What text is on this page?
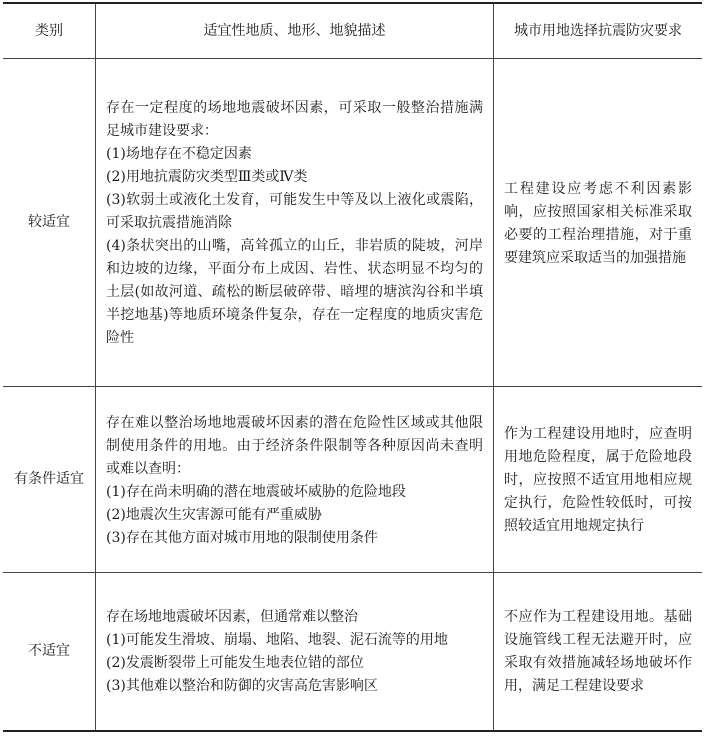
类别	适宜性地质、地形、地貌描述	城市用地选择抗震防灾要求
较适宜	存在一定程度的场地地震破坏因素，可采取一般整治措施满足城市建设要求：

(1)场地存在不稳定因素

(2)用地抗震防灾类型Ⅲ类或Ⅳ类

(3)软弱土或液化土发育，可能发生中等及以上液化或震陷，可采取抗震措施消除

(4)条状突出的山嘴，高耸孤立的山丘，非岩质的陡坡，河岸和边坡的边缘，平面分布上成因、岩性、状态明显不均匀的土层(如故河道、疏松的断层破碎带、暗埋的塘滨沟谷和半填半挖地基)等地质环境条件复杂，存在一定程度的地质灾害危险性	工程建设应考虑不利因素影响，应按照国家相关标准采取必要的工程治理措施，对于重要建筑应采取适当的加强措施

有条件适宜	存在难以整治场地地震破坏因素的潜在危险性区域或其他限制使用条件的用地。由于经济条件限制等各种原因尚未查明或难以查明：

(1)存在尚未明确的潜在地震破坏威胁的危险地段

(2)地震次生灾害源可能有严重威胁

(3)存在其他方面对城市用地的限制使用条件	作为工程建设用地时，应查明用地危险程度，属于危险地段时，应按照不适宜用地相应规定执行，危险性较低时，可按照较适宜用地规定执行

不适宜	存在场地地震破坏因素，但通常难以整治

(1)可能发生滑坡、崩塌、地陷、地裂、泥石流等的用地

(2)发震断裂带上可能发生地表位错的部位

(3)其他难以整治和防御的灾害高危害影响区	不应作为工程建设用地。基础设施管线工程无法避开时，应采取有效措施减轻场地破坏作用，满足工程建设要求
